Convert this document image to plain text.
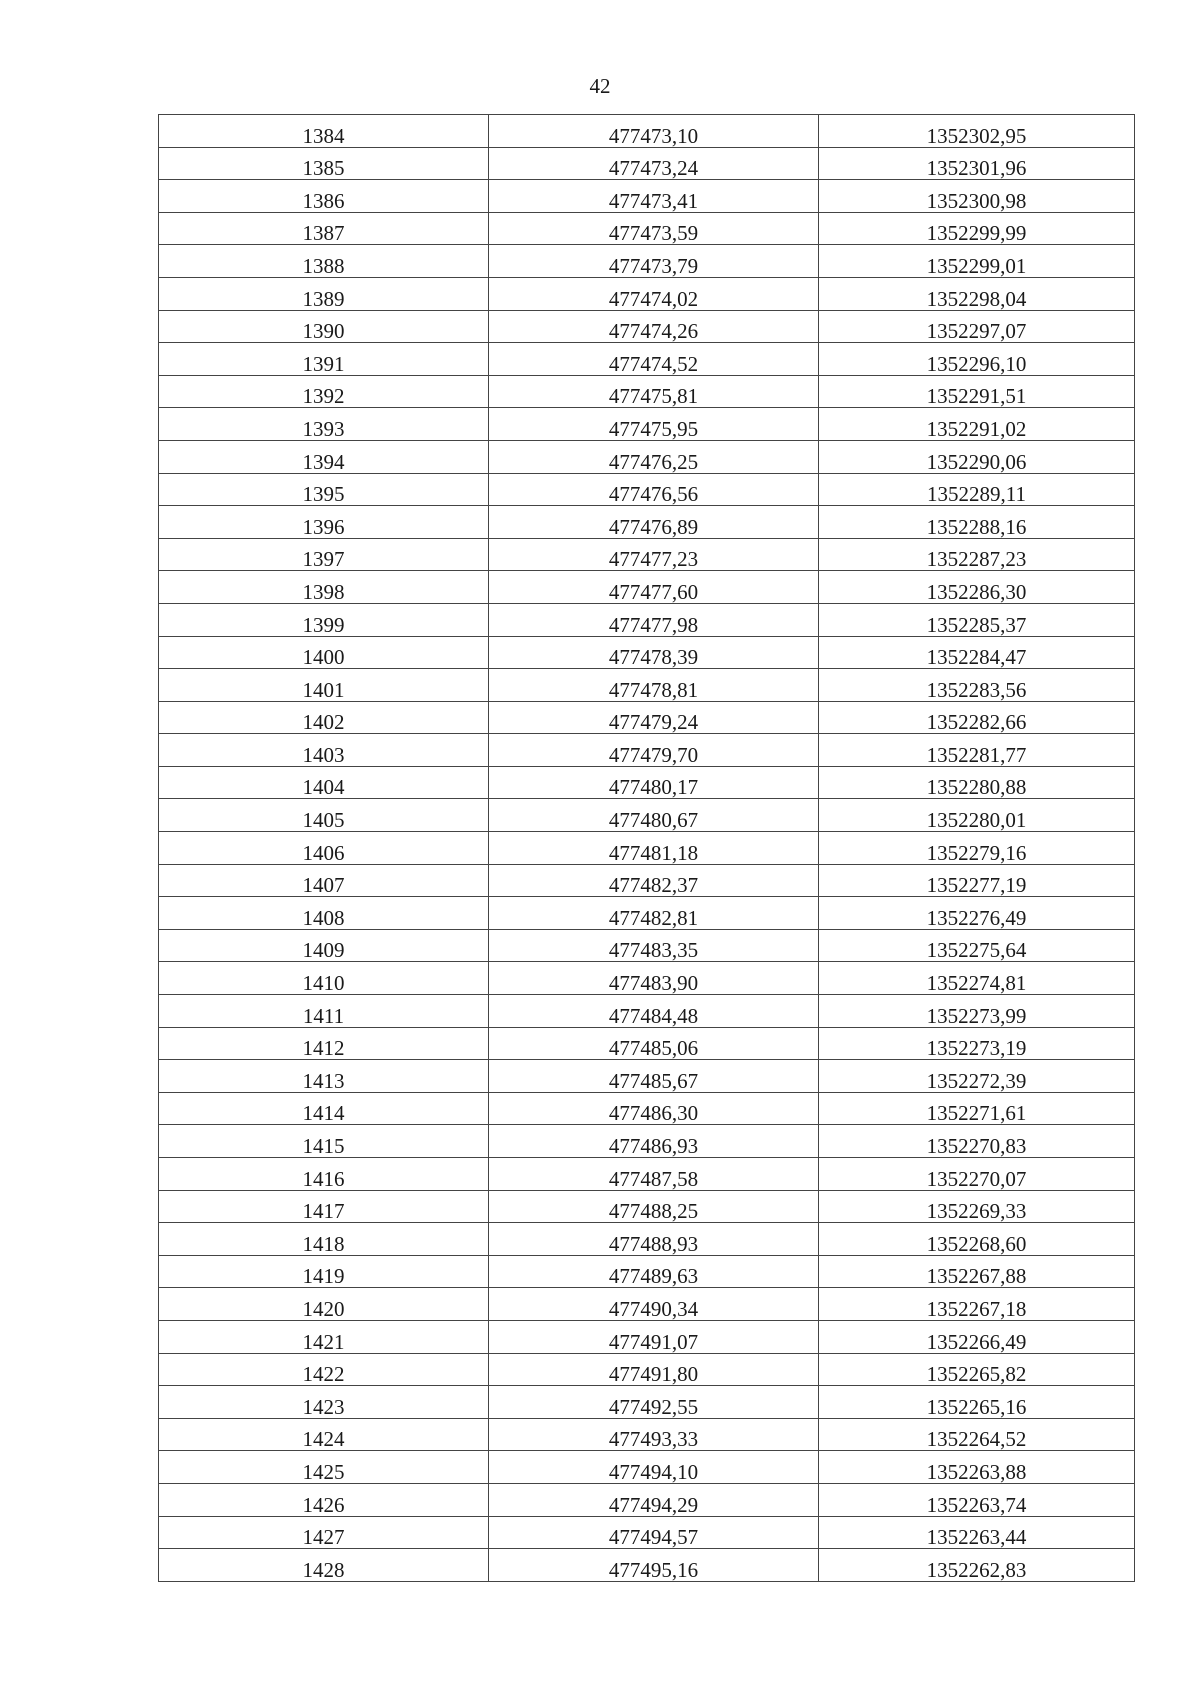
42
1384	477473,10	1352302,95
1385	477473,24	1352301,96
1386	477473,41	1352300,98
1387	477473,59	1352299,99
1388	477473,79	1352299,01
1389	477474,02	1352298,04
1390	477474,26	1352297,07
1391	477474,52	1352296,10
1392	477475,81	1352291,51
1393	477475,95	1352291,02
1394	477476,25	1352290,06
1395	477476,56	1352289,11
1396	477476,89	1352288,16
1397	477477,23	1352287,23
1398	477477,60	1352286,30
1399	477477,98	1352285,37
1400	477478,39	1352284,47
1401	477478,81	1352283,56
1402	477479,24	1352282,66
1403	477479,70	1352281,77
1404	477480,17	1352280,88
1405	477480,67	1352280,01
1406	477481,18	1352279,16
1407	477482,37	1352277,19
1408	477482,81	1352276,49
1409	477483,35	1352275,64
1410	477483,90	1352274,81
1411	477484,48	1352273,99
1412	477485,06	1352273,19
1413	477485,67	1352272,39
1414	477486,30	1352271,61
1415	477486,93	1352270,83
1416	477487,58	1352270,07
1417	477488,25	1352269,33
1418	477488,93	1352268,60
1419	477489,63	1352267,88
1420	477490,34	1352267,18
1421	477491,07	1352266,49
1422	477491,80	1352265,82
1423	477492,55	1352265,16
1424	477493,33	1352264,52
1425	477494,10	1352263,88
1426	477494,29	1352263,74
1427	477494,57	1352263,44
1428	477495,16	1352262,83
